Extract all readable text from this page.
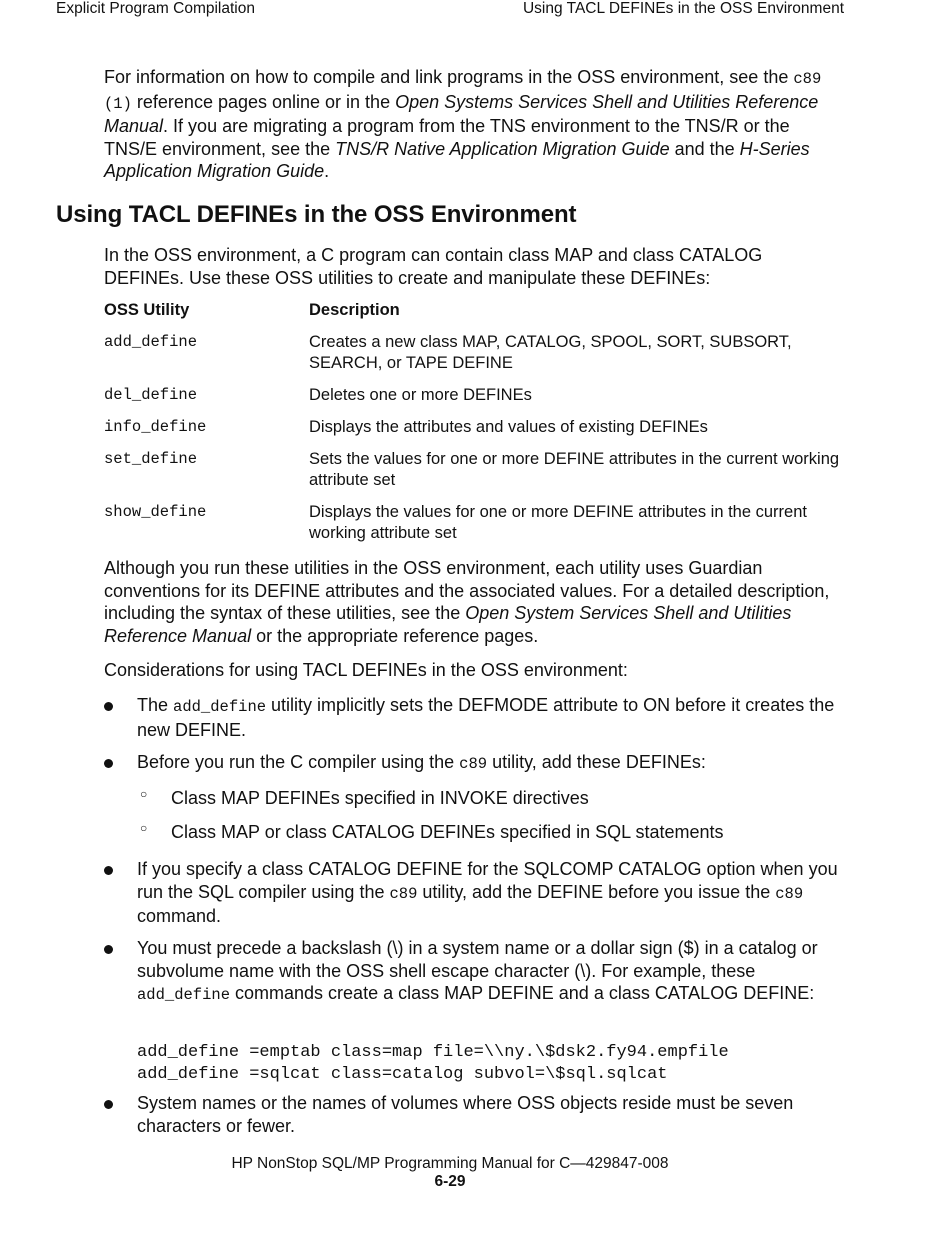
Explicit Program Compilation	Using TACL DEFINEs in the OSS Environment

For information on how to compile and link programs in the OSS environment, see the c89 (1) reference pages online or in the Open Systems Services Shell and Utilities Reference Manual. If you are migrating a program from the TNS environment to the TNS/R or the TNS/E environment, see the TNS/R Native Application Migration Guide and the H-Series Application Migration Guide.

Using TACL DEFINEs in the OSS Environment

In the OSS environment, a C program can contain class MAP and class CATALOG DEFINEs. Use these OSS utilities to create and manipulate these DEFINEs:

OSS Utility	Description
add_define	Creates a new class MAP, CATALOG, SPOOL, SORT, SUBSORT, SEARCH, or TAPE DEFINE
del_define	Deletes one or more DEFINEs
info_define	Displays the attributes and values of existing DEFINEs
set_define	Sets the values for one or more DEFINE attributes in the current working attribute set
show_define	Displays the values for one or more DEFINE attributes in the current working attribute set

Although you run these utilities in the OSS environment, each utility uses Guardian conventions for its DEFINE attributes and the associated values. For a detailed description, including the syntax of these utilities, see the Open System Services Shell and Utilities Reference Manual or the appropriate reference pages.

Considerations for using TACL DEFINEs in the OSS environment:

The add_define utility implicitly sets the DEFMODE attribute to ON before it creates the new DEFINE.
Before you run the C compiler using the c89 utility, add these DEFINEs:
○ Class MAP DEFINEs specified in INVOKE directives
○ Class MAP or class CATALOG DEFINEs specified in SQL statements
If you specify a class CATALOG DEFINE for the SQLCOMP CATALOG option when you run the SQL compiler using the c89 utility, add the DEFINE before you issue the c89 command.
You must precede a backslash (\) in a system name or a dollar sign ($) in a catalog or subvolume name with the OSS shell escape character (\). For example, these add_define commands create a class MAP DEFINE and a class CATALOG DEFINE:
System names or the names of volumes where OSS objects reside must be seven characters or fewer.
add_define =emptab class=map file=\\ny.\$dsk2.fy94.empfile
add_define =sqlcat class=catalog subvol=\$sql.sqlcat
HP NonStop SQL/MP Programming Manual for C—429847-008
6-29
